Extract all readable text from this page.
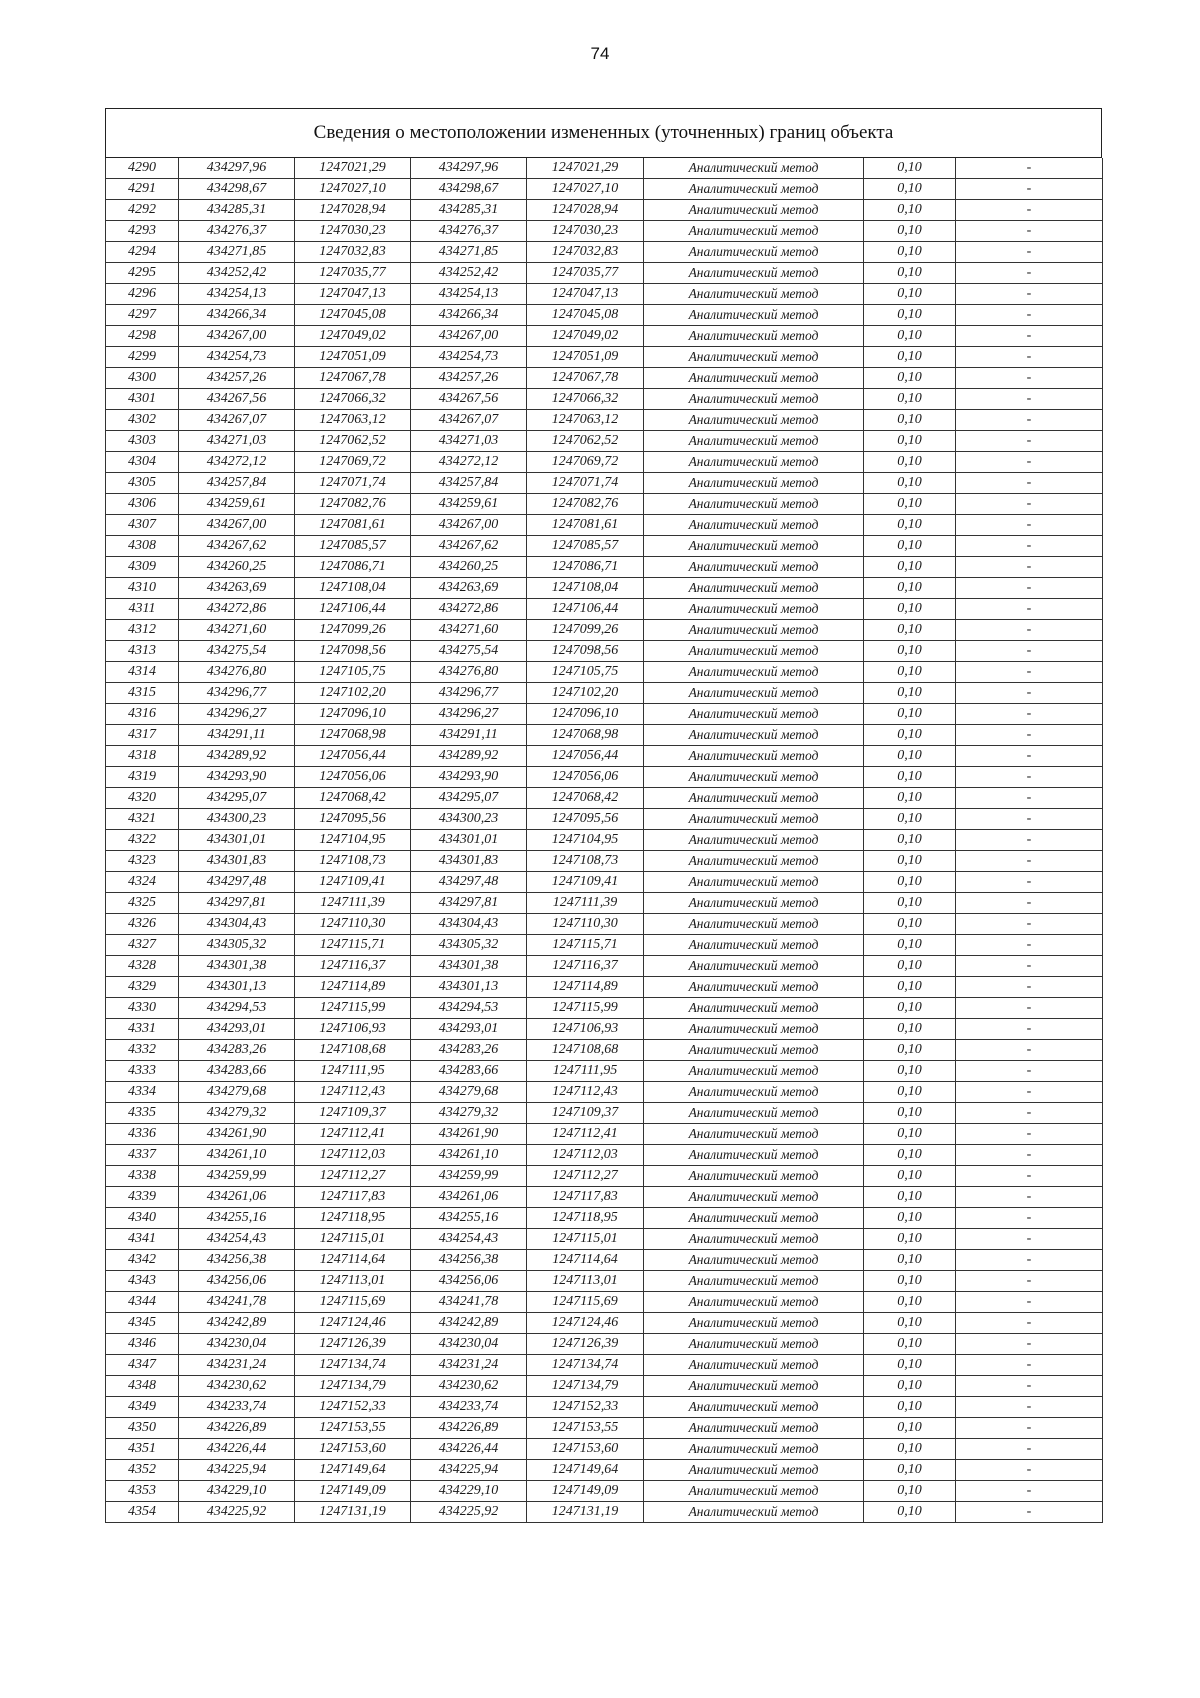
74
Сведения о местоположении измененных (уточненных) границ объекта
4290	434297,96	1247021,29	434297,96	1247021,29	Аналитический метод	0,10	-
4291	434298,67	1247027,10	434298,67	1247027,10	Аналитический метод	0,10	-
4292	434285,31	1247028,94	434285,31	1247028,94	Аналитический метод	0,10	-
4293	434276,37	1247030,23	434276,37	1247030,23	Аналитический метод	0,10	-
4294	434271,85	1247032,83	434271,85	1247032,83	Аналитический метод	0,10	-
4295	434252,42	1247035,77	434252,42	1247035,77	Аналитический метод	0,10	-
4296	434254,13	1247047,13	434254,13	1247047,13	Аналитический метод	0,10	-
4297	434266,34	1247045,08	434266,34	1247045,08	Аналитический метод	0,10	-
4298	434267,00	1247049,02	434267,00	1247049,02	Аналитический метод	0,10	-
4299	434254,73	1247051,09	434254,73	1247051,09	Аналитический метод	0,10	-
4300	434257,26	1247067,78	434257,26	1247067,78	Аналитический метод	0,10	-
4301	434267,56	1247066,32	434267,56	1247066,32	Аналитический метод	0,10	-
4302	434267,07	1247063,12	434267,07	1247063,12	Аналитический метод	0,10	-
4303	434271,03	1247062,52	434271,03	1247062,52	Аналитический метод	0,10	-
4304	434272,12	1247069,72	434272,12	1247069,72	Аналитический метод	0,10	-
4305	434257,84	1247071,74	434257,84	1247071,74	Аналитический метод	0,10	-
4306	434259,61	1247082,76	434259,61	1247082,76	Аналитический метод	0,10	-
4307	434267,00	1247081,61	434267,00	1247081,61	Аналитический метод	0,10	-
4308	434267,62	1247085,57	434267,62	1247085,57	Аналитический метод	0,10	-
4309	434260,25	1247086,71	434260,25	1247086,71	Аналитический метод	0,10	-
4310	434263,69	1247108,04	434263,69	1247108,04	Аналитический метод	0,10	-
4311	434272,86	1247106,44	434272,86	1247106,44	Аналитический метод	0,10	-
4312	434271,60	1247099,26	434271,60	1247099,26	Аналитический метод	0,10	-
4313	434275,54	1247098,56	434275,54	1247098,56	Аналитический метод	0,10	-
4314	434276,80	1247105,75	434276,80	1247105,75	Аналитический метод	0,10	-
4315	434296,77	1247102,20	434296,77	1247102,20	Аналитический метод	0,10	-
4316	434296,27	1247096,10	434296,27	1247096,10	Аналитический метод	0,10	-
4317	434291,11	1247068,98	434291,11	1247068,98	Аналитический метод	0,10	-
4318	434289,92	1247056,44	434289,92	1247056,44	Аналитический метод	0,10	-
4319	434293,90	1247056,06	434293,90	1247056,06	Аналитический метод	0,10	-
4320	434295,07	1247068,42	434295,07	1247068,42	Аналитический метод	0,10	-
4321	434300,23	1247095,56	434300,23	1247095,56	Аналитический метод	0,10	-
4322	434301,01	1247104,95	434301,01	1247104,95	Аналитический метод	0,10	-
4323	434301,83	1247108,73	434301,83	1247108,73	Аналитический метод	0,10	-
4324	434297,48	1247109,41	434297,48	1247109,41	Аналитический метод	0,10	-
4325	434297,81	1247111,39	434297,81	1247111,39	Аналитический метод	0,10	-
4326	434304,43	1247110,30	434304,43	1247110,30	Аналитический метод	0,10	-
4327	434305,32	1247115,71	434305,32	1247115,71	Аналитический метод	0,10	-
4328	434301,38	1247116,37	434301,38	1247116,37	Аналитический метод	0,10	-
4329	434301,13	1247114,89	434301,13	1247114,89	Аналитический метод	0,10	-
4330	434294,53	1247115,99	434294,53	1247115,99	Аналитический метод	0,10	-
4331	434293,01	1247106,93	434293,01	1247106,93	Аналитический метод	0,10	-
4332	434283,26	1247108,68	434283,26	1247108,68	Аналитический метод	0,10	-
4333	434283,66	1247111,95	434283,66	1247111,95	Аналитический метод	0,10	-
4334	434279,68	1247112,43	434279,68	1247112,43	Аналитический метод	0,10	-
4335	434279,32	1247109,37	434279,32	1247109,37	Аналитический метод	0,10	-
4336	434261,90	1247112,41	434261,90	1247112,41	Аналитический метод	0,10	-
4337	434261,10	1247112,03	434261,10	1247112,03	Аналитический метод	0,10	-
4338	434259,99	1247112,27	434259,99	1247112,27	Аналитический метод	0,10	-
4339	434261,06	1247117,83	434261,06	1247117,83	Аналитический метод	0,10	-
4340	434255,16	1247118,95	434255,16	1247118,95	Аналитический метод	0,10	-
4341	434254,43	1247115,01	434254,43	1247115,01	Аналитический метод	0,10	-
4342	434256,38	1247114,64	434256,38	1247114,64	Аналитический метод	0,10	-
4343	434256,06	1247113,01	434256,06	1247113,01	Аналитический метод	0,10	-
4344	434241,78	1247115,69	434241,78	1247115,69	Аналитический метод	0,10	-
4345	434242,89	1247124,46	434242,89	1247124,46	Аналитический метод	0,10	-
4346	434230,04	1247126,39	434230,04	1247126,39	Аналитический метод	0,10	-
4347	434231,24	1247134,74	434231,24	1247134,74	Аналитический метод	0,10	-
4348	434230,62	1247134,79	434230,62	1247134,79	Аналитический метод	0,10	-
4349	434233,74	1247152,33	434233,74	1247152,33	Аналитический метод	0,10	-
4350	434226,89	1247153,55	434226,89	1247153,55	Аналитический метод	0,10	-
4351	434226,44	1247153,60	434226,44	1247153,60	Аналитический метод	0,10	-
4352	434225,94	1247149,64	434225,94	1247149,64	Аналитический метод	0,10	-
4353	434229,10	1247149,09	434229,10	1247149,09	Аналитический метод	0,10	-
4354	434225,92	1247131,19	434225,92	1247131,19	Аналитический метод	0,10	-
